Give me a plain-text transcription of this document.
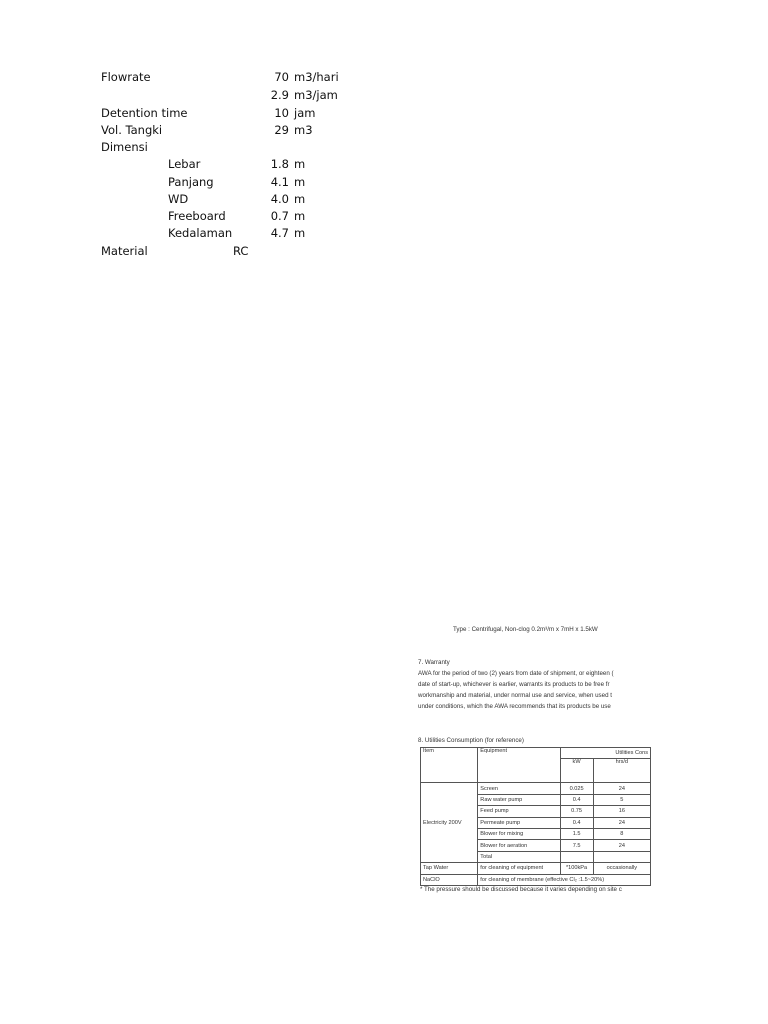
Flowrate	70 m3/hari
2.9 m3/jam
Detention time	10 jam
Vol. Tangki	29 m3
Dimensi
Lebar	1.8 m
Panjang	4.1 m
WD	4.0 m
Freeboard	0.7 m
Kedalaman	4.7 m
Material	RC
Type : Centrifugal, Non-clog 0.2m³/m x 7mH x 1.5kW
7. Warranty
AWA for the period of two (2) years from date of shipment, or eighteen (
date of start-up, whichever is earlier, warrants its products to be free fr
workmanship and material, under normal use and service, when used t
under conditions, which the AWA recommends that its products be use
8. Utilities Consumption (for reference)
Item	Equipment	Utilities Cons	
		kW	hrs/d
Electricity 200V	Screen	0.025	24
	Raw water pump	0.4	5
	Feed pump	0.75	16
	Permeate pump	0.4	24
	Blower for mixing	1.5	8
	Blower for aeration	7.5	24
	Total		
Tap Water	for cleaning of equipment	*100kPa	occasionally
NaClO	for cleaning of membrane (effective Cl₂ :1.5~20%)		
* The pressure should be discussed because it varies depending on site c
